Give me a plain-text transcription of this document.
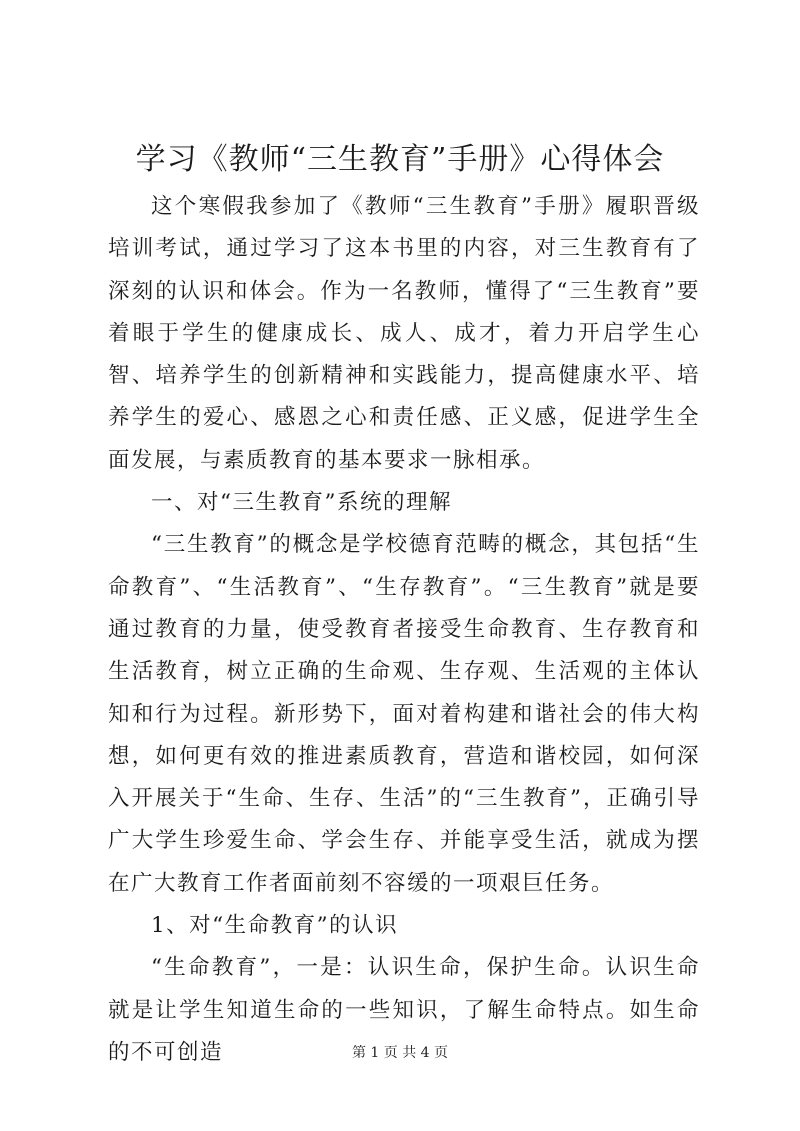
学习《教师“三生教育”手册》心得体会

这个寒假我参加了《教师“三生教育”手册》履职晋级培训考试，通过学习了这本书里的内容，对三生教育有了深刻的认识和体会。作为一名教师，懂得了“三生教育”要着眼于学生的健康成长、成人、成才，着力开启学生心智、培养学生的创新精神和实践能力，提高健康水平、培养学生的爱心、感恩之心和责任感、正义感，促进学生全面发展，与素质教育的基本要求一脉相承。

一、对“三生教育”系统的理解

“三生教育”的概念是学校德育范畴的概念，其包括“生命教育”、“生活教育”、“生存教育”。“三生教育”就是要通过教育的力量，使受教育者接受生命教育、生存教育和生活教育，树立正确的生命观、生存观、生活观的主体认知和行为过程。新形势下，面对着构建和谐社会的伟大构想，如何更有效的推进素质教育，营造和谐校园，如何深入开展关于“生命、生存、生活”的“三生教育”，正确引导广大学生珍爱生命、学会生存、并能享受生活，就成为摆在广大教育工作者面前刻不容缓的一项艰巨任务。

1、对“生命教育”的认识

“生命教育”，一是：认识生命，保护生命。认识生命就是让学生知道生命的一些知识，了解生命特点。如生命的不可创造	第 1 页 共 4 页
